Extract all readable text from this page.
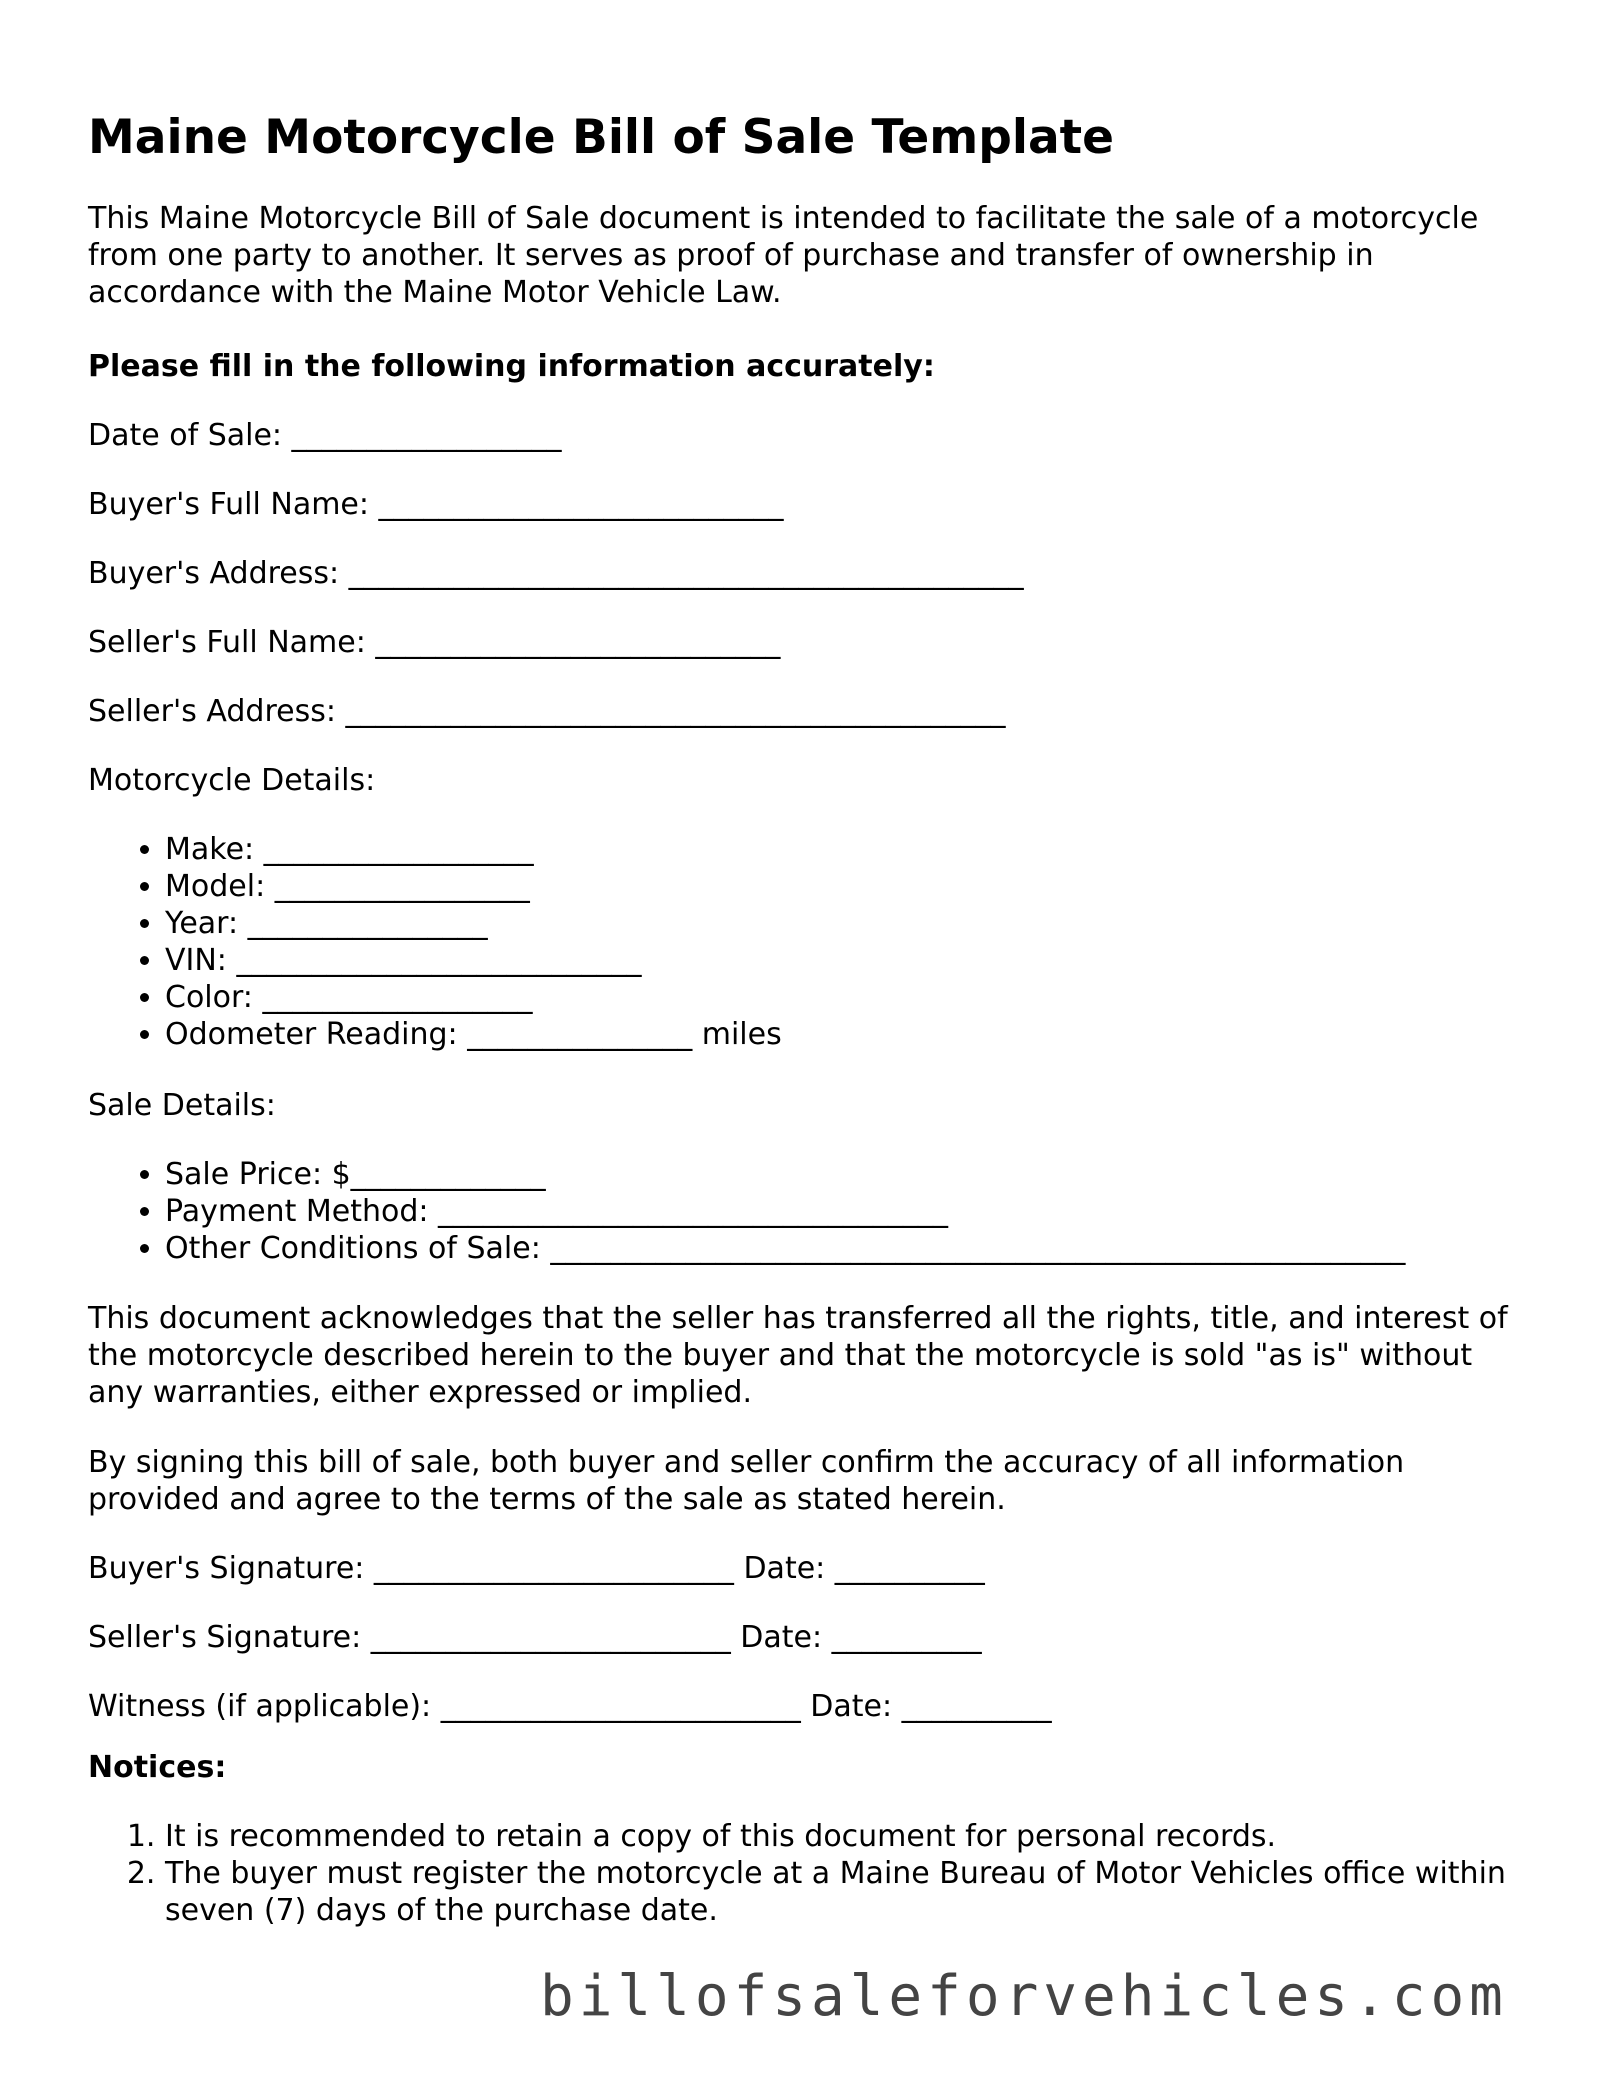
Maine Motorcycle Bill of Sale Template

This Maine Motorcycle Bill of Sale document is intended to facilitate the sale of a motorcycle from one party to another. It serves as proof of purchase and transfer of ownership in accordance with the Maine Motor Vehicle Law.

Please fill in the following information accurately:

Date of Sale: __________________

Buyer's Full Name: ___________________________

Buyer's Address: _____________________________________________

Seller's Full Name: ___________________________

Seller's Address: ____________________________________________

Motorcycle Details:

• Make: __________________
• Model: _________________
• Year: ________________
• VIN: ___________________________
• Color: __________________
• Odometer Reading: _______________ miles

Sale Details:

• Sale Price: $_____________
• Payment Method: __________________________________
• Other Conditions of Sale: _________________________________________________________

This document acknowledges that the seller has transferred all the rights, title, and interest of the motorcycle described herein to the buyer and that the motorcycle is sold "as is" without any warranties, either expressed or implied.

By signing this bill of sale, both buyer and seller confirm the accuracy of all information provided and agree to the terms of the sale as stated herein.

Buyer's Signature: ________________________ Date: __________

Seller's Signature: ________________________ Date: __________

Witness (if applicable): ________________________ Date: __________

Notices:

1. It is recommended to retain a copy of this document for personal records.
2. The buyer must register the motorcycle at a Maine Bureau of Motor Vehicles office within seven (7) days of the purchase date.
billofsaleforvehicles.com
